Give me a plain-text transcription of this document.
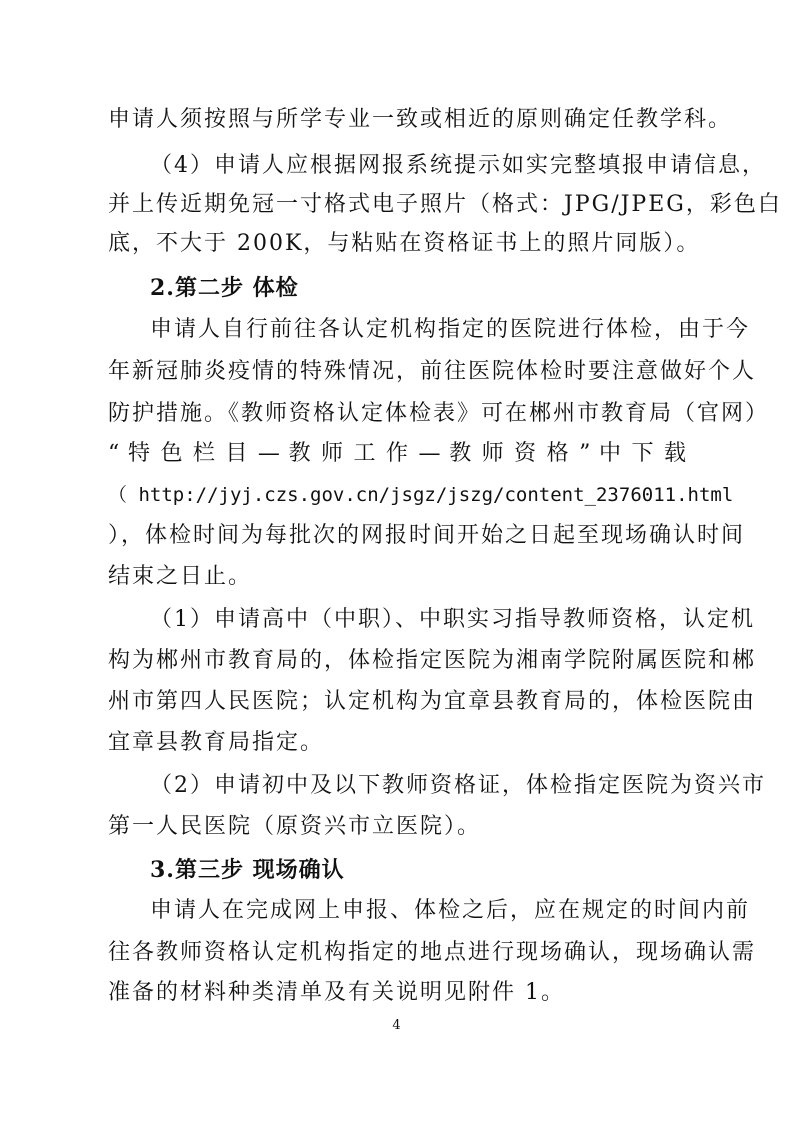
申请人须按照与所学专业一致或相近的原则确定任教学科。
（4）申请人应根据网报系统提示如实完整填报申请信息，
并上传近期免冠一寸格式电子照片（格式：JPG/JPEG，彩色白
底，不大于 200K，与粘贴在资格证书上的照片同版）。
2.第二步 体检
申请人自行前往各认定机构指定的医院进行体检，由于今
年新冠肺炎疫情的特殊情况，前往医院体检时要注意做好个人
防护措施。《教师资格认定体检表》可在郴州市教育局（官网）
“ 特 色 栏 目 — 教 师 工 作 — 教 师 资 格 ” 中 下 载
（ http://jyj.czs.gov.cn/jsgz/jszg/content_2376011.html
），体检时间为每批次的网报时间开始之日起至现场确认时间
结束之日止。
（1）申请高中（中职）、中职实习指导教师资格，认定机
构为郴州市教育局的，体检指定医院为湘南学院附属医院和郴
州市第四人民医院；认定机构为宜章县教育局的，体检医院由
宜章县教育局指定。
（2）申请初中及以下教师资格证，体检指定医院为资兴市
第一人民医院（原资兴市立医院）。
3.第三步 现场确认
申请人在完成网上申报、体检之后，应在规定的时间内前
往各教师资格认定机构指定的地点进行现场确认，现场确认需
准备的材料种类清单及有关说明见附件 1。
4
